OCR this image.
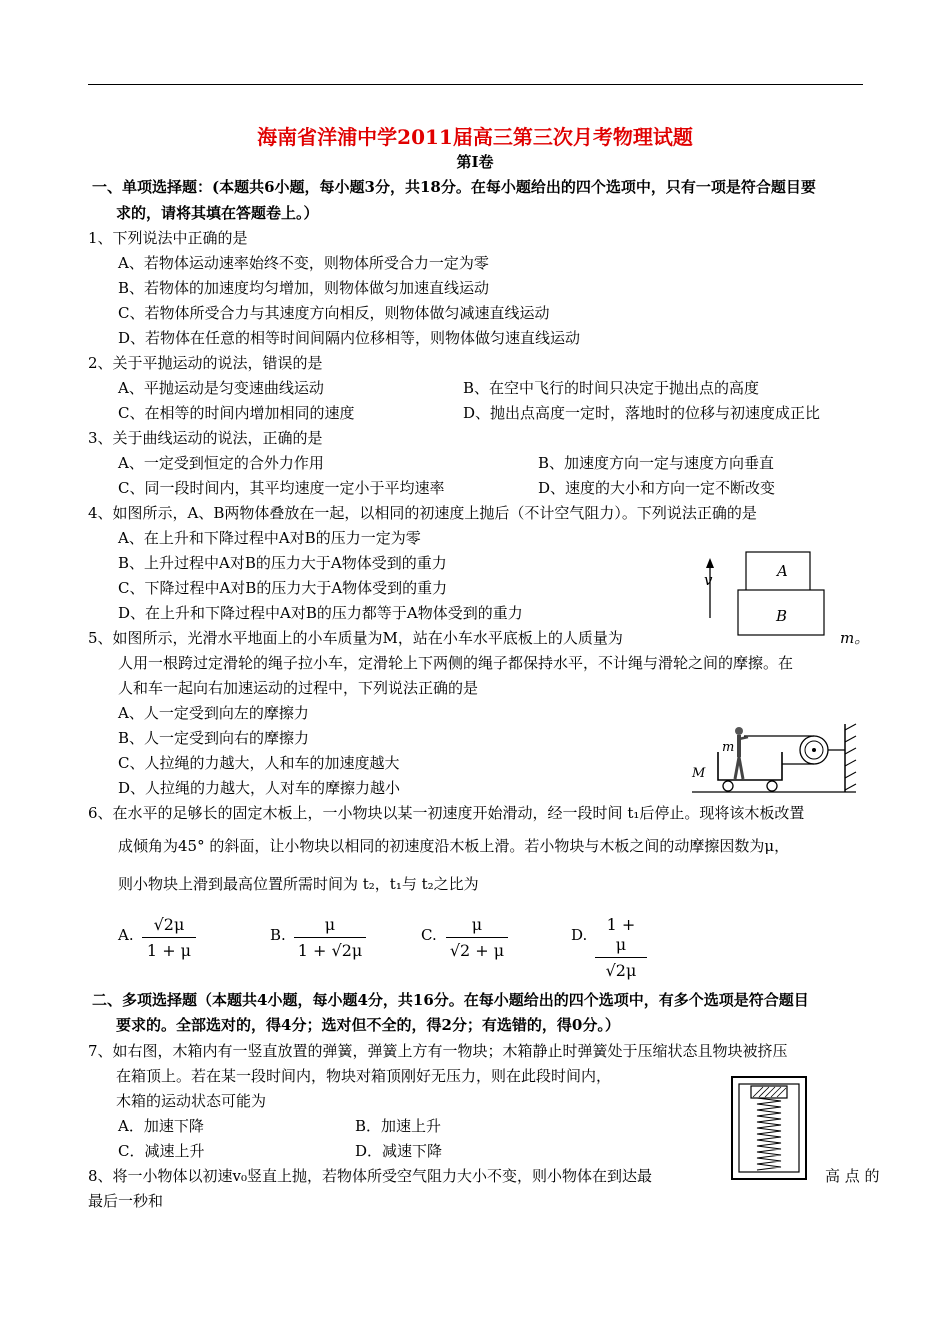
海南省洋浦中学2011届高三第三次月考物理试题
第Ⅰ卷
一、单项选择题：(本题共6小题，每小题3分，共18分。在每小题给出的四个选项中，只有一项是符合题目要
求的，请将其填在答题卷上。）
1、下列说法中正确的是
A、若物体运动速率始终不变，则物体所受合力一定为零
B、若物体的加速度均匀增加，则物体做匀加速直线运动
C、若物体所受合力与其速度方向相反，则物体做匀减速直线运动
D、若物体在任意的相等时间间隔内位移相等，则物体做匀速直线运动
2、关于平抛运动的说法，错误的是
A、平抛运动是匀变速曲线运动	B、在空中飞行的时间只决定于抛出点的高度
C、在相等的时间内增加相同的速度	D、抛出点高度一定时，落地时的位移与初速度成正比
3、关于曲线运动的说法，正确的是
A、一定受到恒定的合外力作用	B、加速度方向一定与速度方向垂直
C、同一段时间内，其平均速度一定小于平均速率	D、速度的大小和方向一定不断改变
4、如图所示，A、B两物体叠放在一起，以相同的初速度上抛后（不计空气阻力）。下列说法正确的是
A、在上升和下降过程中A对B的压力一定为零
B、上升过程中A对B的压力大于A物体受到的重力
C、下降过程中A对B的压力大于A物体受到的重力
D、在上升和下降过程中A对B的压力都等于A物体受到的重力
v	A
B
5、如图所示，光滑水平地面上的小车质量为M，站在小车水平底板上的人质量为	m。
人用一根跨过定滑轮的绳子拉小车，定滑轮上下两侧的绳子都保持水平，不计绳与滑轮之间的摩擦。在
人和车一起向右加速运动的过程中，下列说法正确的是
A、人一定受到向左的摩擦力
B、人一定受到向右的摩擦力
C、人拉绳的力越大，人和车的加速度越大
D、人拉绳的力越大，人对车的摩擦力越小
m
M
6、在水平的足够长的固定木板上，一小物块以某一初速度开始滑动，经一段时间 t₁后停止。现将该木板改置
成倾角为45° 的斜面，让小物块以相同的初速度沿木板上滑。若小物块与木板之间的动摩擦因数为μ，
则小物块上滑到最高位置所需时间为 t₂，t₁与 t₂之比为
A. $\frac{√2\mu}{1 + \mu}$	B. $\frac{\mu}{1 + √2\mu}$	C. $\frac{\mu}{√2 + \mu}$	D. $\frac{1 + \mu}{√2\mu}$
二、多项选择题（本题共4小题，每小题4分，共16分。在每小题给出的四个选项中，有多个选项是符合题目
要求的。全部选对的，得4分；选对但不全的，得2分；有选错的，得0分。）
7、如右图，木箱内有一竖直放置的弹簧，弹簧上方有一物块；木箱静止时弹簧处于压缩状态且物块被挤压
在箱顶上。若在某一段时间内，物块对箱顶刚好无压力，则在此段时间内，
木箱的运动状态可能为
A．加速下降	B．加速上升
C．减速上升	D．减速下降
8、将一小物体以初速v₀竖直上抛，若物体所受空气阻力大小不变，则小物体在到达最	高 点 的
最后一秒和
